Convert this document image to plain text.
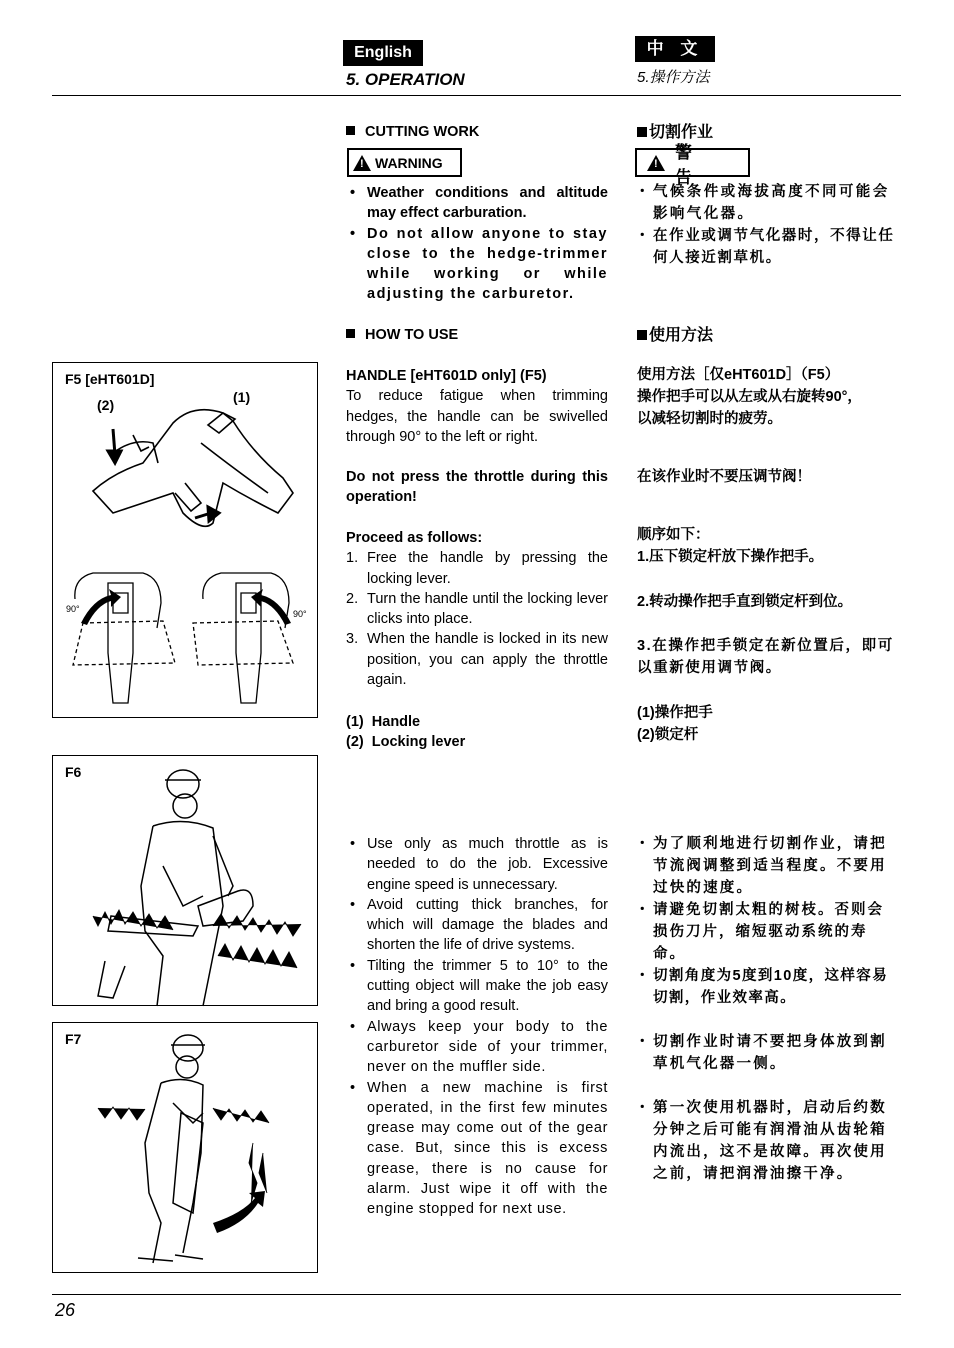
English	中 文
5. OPERATION	5.操作方法
F5 [eHT601D]
(2)	(1)
90°	90°
F6
F7
CUTTING WORK
!
WARNING
• Weather conditions and altitude may effect carburation.
• Do not allow anyone to stay close to the hedge-trimmer while working or while adjusting the carburetor.
HOW TO USE
HANDLE [eHT601D only] (F5)
To reduce fatigue when trimming hedges, the handle can be swivelled through 90° to the left or right.
Do not press the throttle during this operation!
Proceed as follows:
1. Free the handle by pressing the locking lever.
2. Turn the handle until the locking lever clicks into place.
3. When the handle is locked in its new position, you can apply the throttle again.
(1)  Handle
(2)  Locking lever
• Use only as much throttle as is needed to do the job. Excessive engine speed is unnecessary.
• Avoid cutting thick branches, for which will damage the blades and shorten the life of drive systems.
• Tilting the trimmer 5 to 10° to the cutting object will make the job easy and bring a good result.
• Always keep your body to the carburetor side of your trimmer, never on the muffler side.
• When a new machine is first operated, in the first few minutes grease may come out of the gear case. But, since this is excess grease, there is no cause for alarm. Just wipe it off with the engine stopped for next use.
切割作业
!
警 告
・ 气候条件或海拔高度不同可能会影响气化器。
・ 在作业或调节气化器时，不得让任何人接近割草机。
使用方法
使用方法［仅eHT601D］（F5）
操作把手可以从左或从右旋转90°，
以减轻切割时的疲劳。
在该作业时不要压调节阀！
顺序如下：
1.压下锁定杆放下操作把手。
2.转动操作把手直到锁定杆到位。
3.在操作把手锁定在新位置后，即可以重新使用调节阀。
(1)操作把手
(2)锁定杆
・ 为了顺利地进行切割作业，请把节流阀调整到适当程度。不要用过快的速度。
・ 请避免切割太粗的树枝。否则会损伤刀片，缩短驱动系统的寿命。
・ 切割角度为5度到10度，这样容易切割，作业效率高。
・ 切割作业时请不要把身体放到割草机气化器一侧。
・ 第一次使用机器时，启动后约数分钟之后可能有润滑油从齿轮箱内流出，这不是故障。再次使用之前，请把润滑油擦干净。
26
